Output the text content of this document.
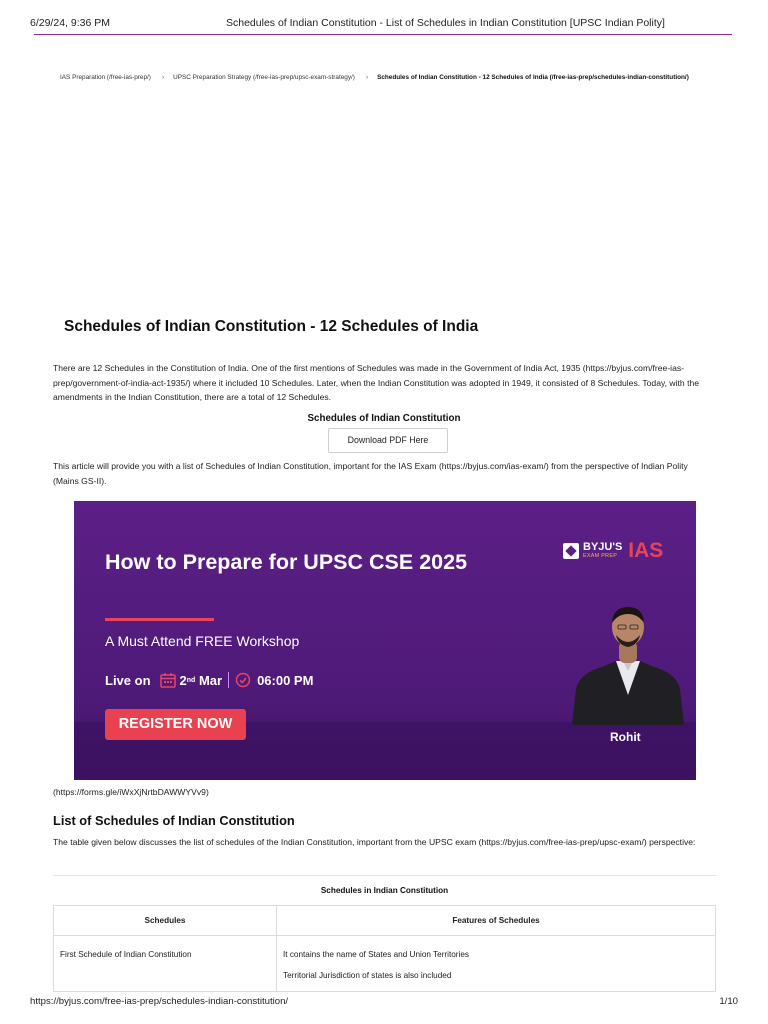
6/29/24, 9:36 PM	Schedules of Indian Constitution - List of Schedules in Indian Constitution [UPSC Indian Polity]
IAS Preparation (/free-ias-prep/) › UPSC Preparation Strategy (/free-ias-prep/upsc-exam-strategy/) › Schedules of Indian Constitution - 12 Schedules of India (/free-ias-prep/schedules-indian-constitution/)
Schedules of Indian Constitution - 12 Schedules of India

There are 12 Schedules in the Constitution of India. One of the first mentions of Schedules was made in the Government of India Act, 1935 (https://byjus.com/free-ias-prep/government-of-india-act-1935/) where it included 10 Schedules. Later, when the Indian Constitution was adopted in 1949, it consisted of 8 Schedules. Today, with the amendments in the Indian Constitution, there are a total of 12 Schedules.

Schedules of Indian Constitution
Download PDF Here

This article will provide you with a list of Schedules of Indian Constitution, important for the IAS Exam (https://byjus.com/ias-exam/) from the perspective of Indian Polity (Mains GS-II).

How to Prepare for UPSC CSE 2025
A Must Attend FREE Workshop
Live on 2 nd
Mar	06:00 PM
REGISTER NOW
BYJU'S
EXAM PREP IAS
Rohit
(https://forms.gle/iWxXjNrtbDAWWYVv9)
List of Schedules of Indian Constitution

The table given below discusses the list of schedules of the Indian Constitution, important from the UPSC exam (https://byjus.com/free-ias-prep/upsc-exam/) perspective:

Schedules in Indian Constitution
Schedules	Features of Schedules

First Schedule of Indian Constitution	It contains the name of States and Union Territories

Territorial Jurisdiction of states is also included

https://byjus.com/free-ias-prep/schedules-indian-constitution/	1/10
